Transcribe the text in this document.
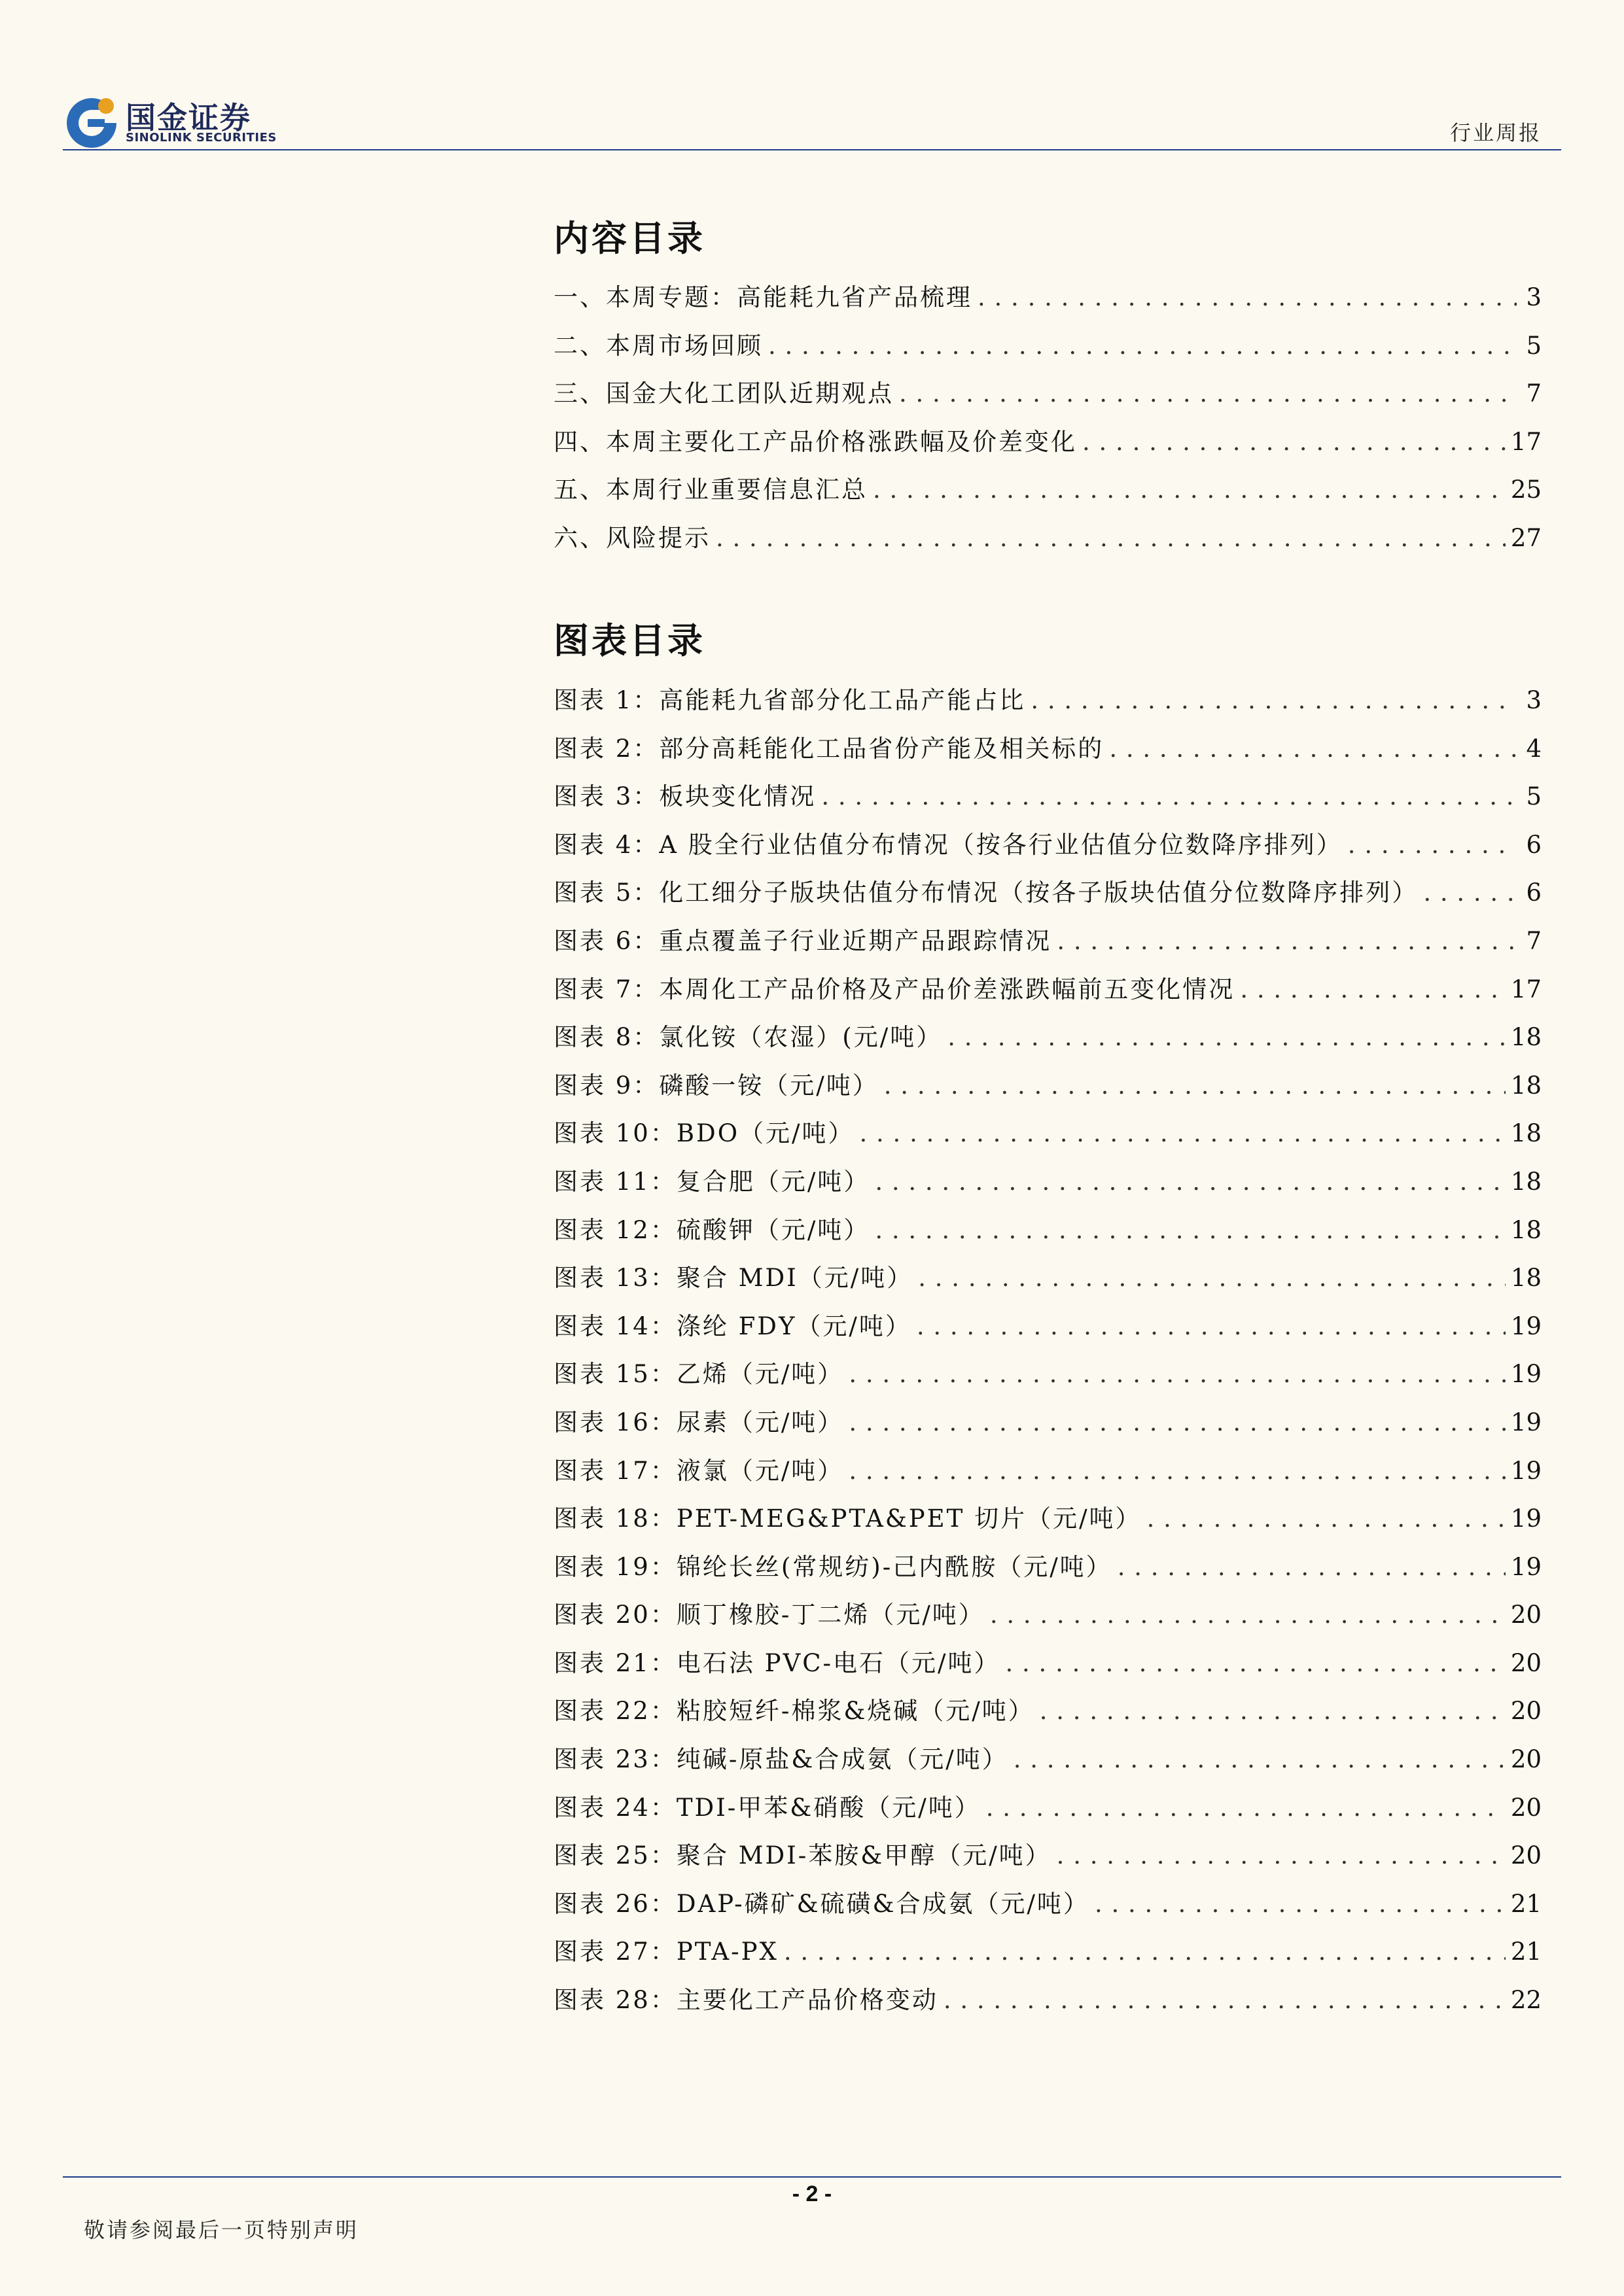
国金证券
SINOLINK SECURITIES	行业周报
内容目录
一、本周专题：高能耗九省产品梳理 . . .	3
二、本周市场回顾 . . .	5
三、国金大化工团队近期观点 . . .	7
四、本周主要化工产品价格涨跌幅及价差变化 . . .	17
五、本周行业重要信息汇总 . . .	25
六、风险提示 . . .	27
图表目录
图表 1：高能耗九省部分化工品产能占比 . . .	3
图表 2：部分高耗能化工品省份产能及相关标的 . . .	4
图表 3：板块变化情况 . . .	5
图表 4：A 股全行业估值分布情况（按各行业估值分位数降序排列） . . .	6
图表 5：化工细分子版块估值分布情况（按各子版块估值分位数降序排列） . . .	6
图表 6：重点覆盖子行业近期产品跟踪情况 . . .	7
图表 7：本周化工产品价格及产品价差涨跌幅前五变化情况 . . .	17
图表 8：氯化铵（农湿）(元/吨） . . .	18
图表 9：磷酸一铵（元/吨） . . .	18
图表 10：BDO（元/吨） . . .	18
图表 11：复合肥（元/吨） . . .	18
图表 12：硫酸钾（元/吨） . . .	18
图表 13：聚合 MDI（元/吨） . . .	18
图表 14：涤纶 FDY（元/吨） . . .	19
图表 15：乙烯（元/吨） . . .	19
图表 16：尿素（元/吨） . . .	19
图表 17：液氯（元/吨） . . .	19
图表 18：PET-MEG&PTA&PET 切片（元/吨） . . .	19
图表 19：锦纶长丝(常规纺)-己内酰胺（元/吨） . . .	19
图表 20：顺丁橡胶-丁二烯（元/吨） . . .	20
图表 21：电石法 PVC-电石（元/吨） . . .	20
图表 22：粘胶短纤-棉浆&烧碱（元/吨） . . .	20
图表 23：纯碱-原盐&合成氨（元/吨） . . .	20
图表 24：TDI-甲苯&硝酸（元/吨） . . .	20
图表 25：聚合 MDI-苯胺&甲醇（元/吨） . . .	20
图表 26：DAP-磷矿&硫磺&合成氨（元/吨） . . .	21
图表 27：PTA-PX . . .	21
图表 28：主要化工产品价格变动 . . .	22
- 2 -
敬请参阅最后一页特别声明
